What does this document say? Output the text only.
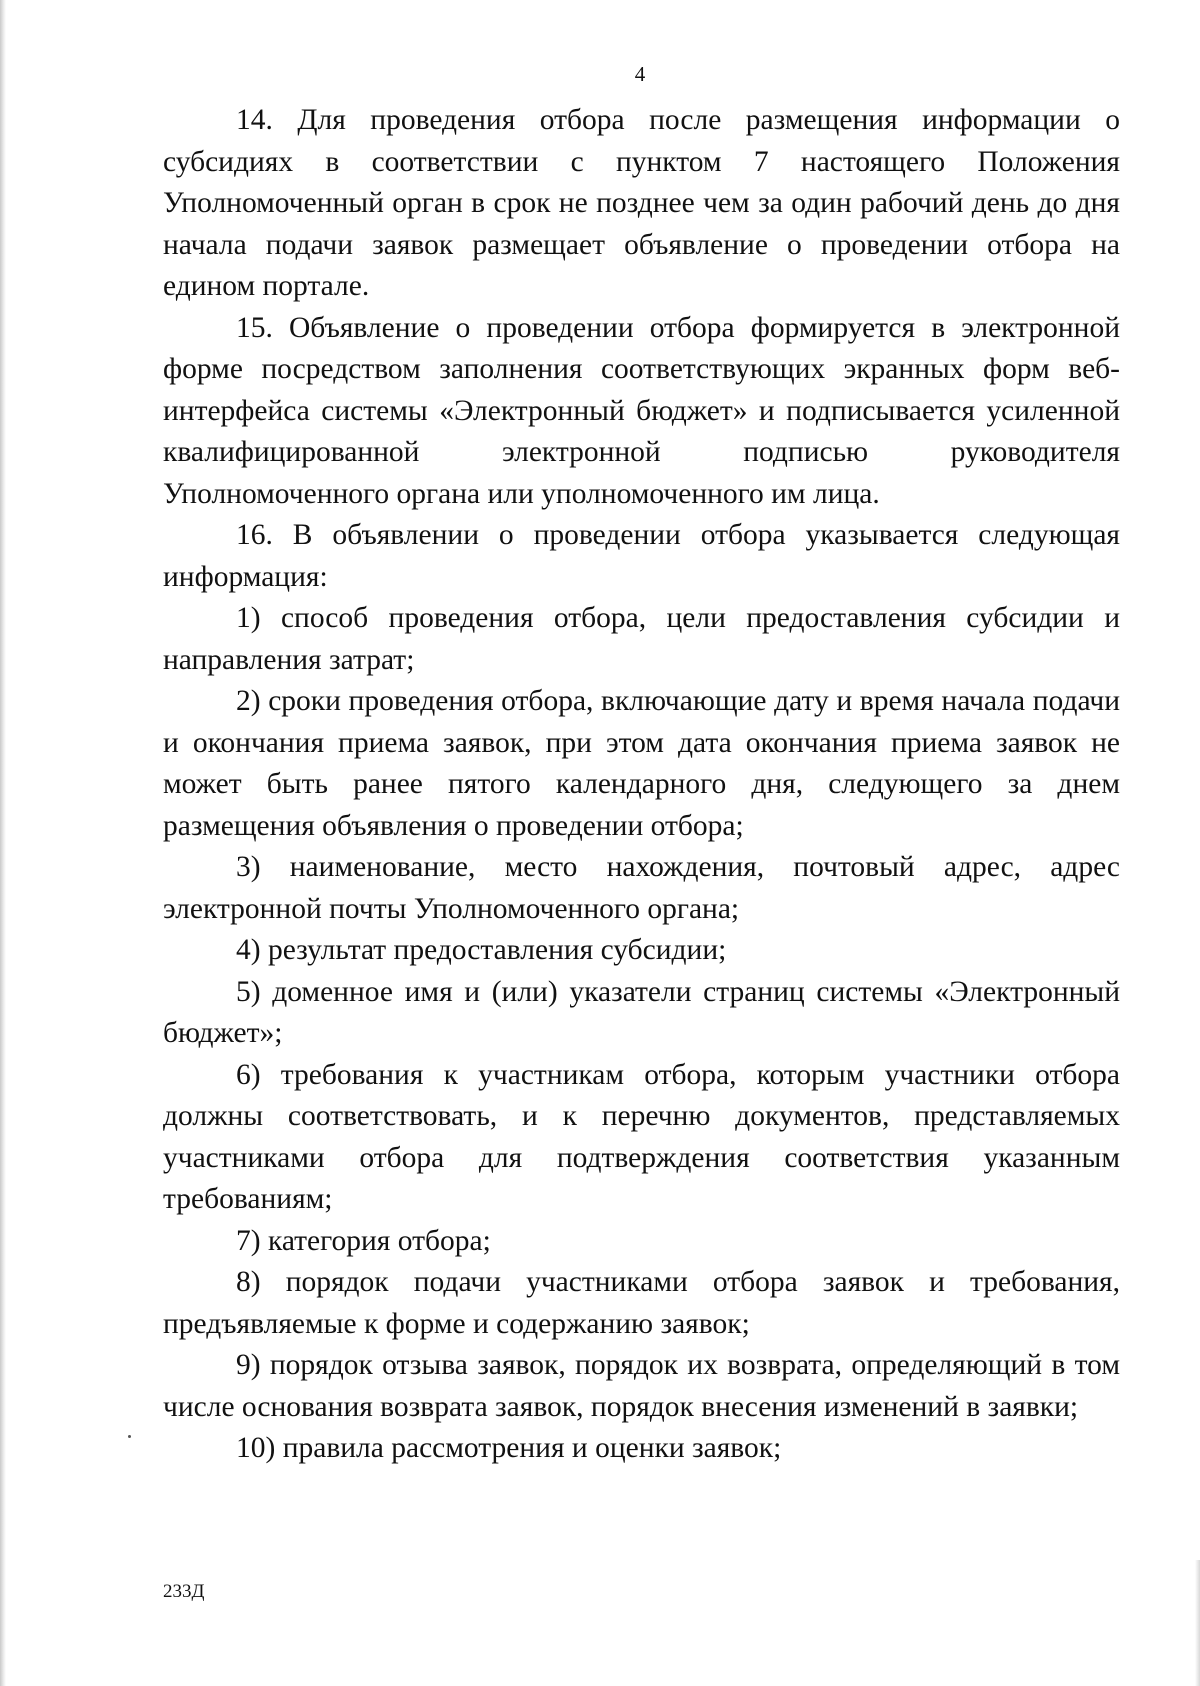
4

14. Для проведения отбора после размещения информации о субсидиях в соответствии с пунктом 7 настоящего Положения Уполномоченный орган в срок не позднее чем за один рабочий день до дня начала подачи заявок размещает объявление о проведении отбора на едином портале.

15. Объявление о проведении отбора формируется в электронной форме посредством заполнения соответствующих экранных форм веб-интерфейса системы «Электронный бюджет» и подписывается усиленной квалифицированной электронной подписью руководителя Уполномоченного органа или уполномоченного им лица.

16. В объявлении о проведении отбора указывается следующая информация:

1) способ проведения отбора, цели предоставления субсидии и направления затрат;

2) сроки проведения отбора, включающие дату и время начала подачи и окончания приема заявок, при этом дата окончания приема заявок не может быть ранее пятого календарного дня, следующего за днем размещения объявления о проведении отбора;

3) наименование, место нахождения, почтовый адрес, адрес электронной почты Уполномоченного органа;

4) результат предоставления субсидии;

5) доменное имя и (или) указатели страниц системы «Электронный бюджет»;

6) требования к участникам отбора, которым участники отбора должны соответствовать, и к перечню документов, представляемых участниками отбора для подтверждения соответствия указанным требованиям;

7) категория отбора;

8) порядок подачи участниками отбора заявок и требования, предъявляемые к форме и содержанию заявок;

9) порядок отзыва заявок, порядок их возврата, определяющий в том числе основания возврата заявок, порядок внесения изменений в заявки;

10) правила рассмотрения и оценки заявок;

233Д
